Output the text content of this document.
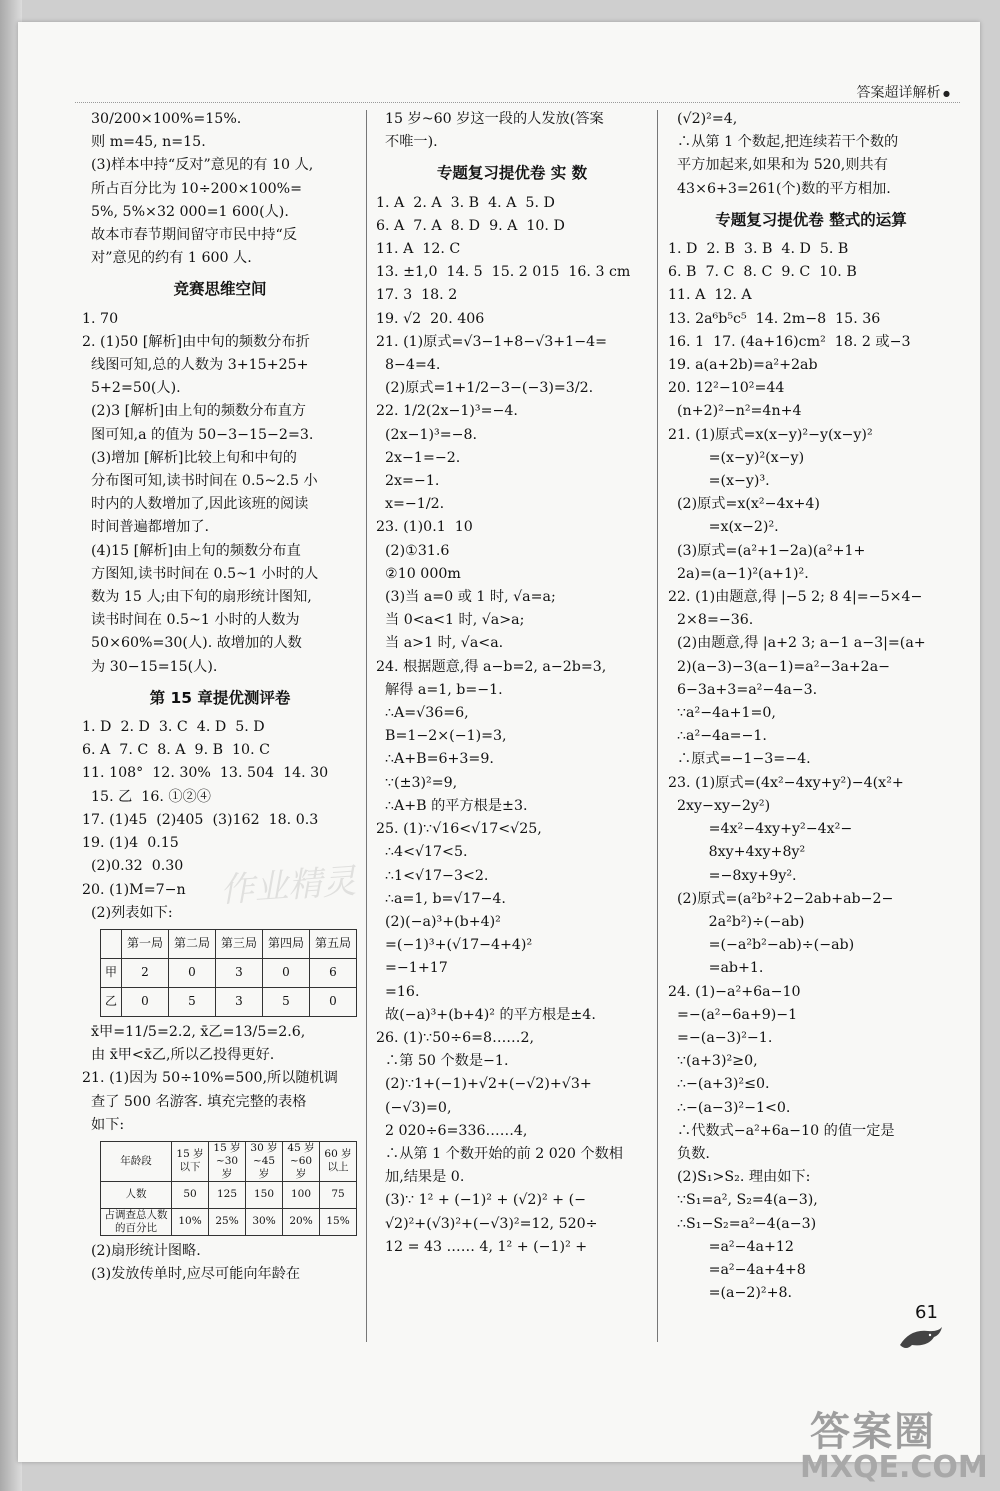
答案超详解析 ●
30/200×100%=15%.
则 m=45, n=15.
(3)样本中持“反对”意见的有 10 人,
所占百分比为 10÷200×100%=
5%, 5%×32 000=1 600(人).
故本市春节期间留守市民中持“反
对”意见的约有 1 600 人.
竞赛思维空间
1. 70
2. (1)50 [解析]由中旬的频数分布折
线图可知,总的人数为 3+15+25+
5+2=50(人).
(2)3 [解析]由上旬的频数分布直方
图可知,a 的值为 50−3−15−2=3.
(3)增加 [解析]比较上旬和中旬的
分布图可知,读书时间在 0.5~2.5 小
时内的人数增加了,因此该班的阅读
时间普遍都增加了.
(4)15 [解析]由上旬的频数分布直
方图知,读书时间在 0.5~1 小时的人
数为 15 人;由下旬的扇形统计图知,
读书时间在 0.5~1 小时的人数为
50×60%=30(人). 故增加的人数
为 30−15=15(人).
第 15 章提优测评卷
1. D  2. D  3. C  4. D  5. D
6. A  7. C  8. A  9. B  10. C
11. 108°  12. 30%  13. 504  14. 30
15. 乙  16. ①②④
17. (1)45  (2)405  (3)162  18. 0.3
19. (1)4  0.15
(2)0.32  0.30
20. (1)M=7−n
(2)列表如下:
	第一局	第二局	第三局	第四局	第五局
甲	2	0	3	0	6
乙	0	5	3	5	0
x̄甲=11/5=2.2, x̄乙=13/5=2.6,
由 x̄甲<x̄乙,所以乙投得更好.
21. (1)因为 50÷10%=500,所以随机调
查了 500 名游客. 填充完整的表格
如下:
年龄段	15 岁以下	15 岁~30 岁	30 岁~45 岁	45 岁~60 岁	60 岁以上
人数	50	125	150	100	75
占调查总人数的百分比	10%	25%	30%	20%	15%
(2)扇形统计图略.
(3)发放传单时,应尽可能向年龄在
15 岁~60 岁这一段的人发放(答案
不唯一).
专题复习提优卷 实 数
1. A  2. A  3. B  4. A  5. D
6. A  7. A  8. D  9. A  10. D
11. A  12. C
13. ±1,0  14. 5  15. 2 015  16. 3 cm
17. 3  18. 2
19. √2  20. 406
21. (1)原式=√3−1+8−√3+1−4=
8−4=4.
(2)原式=1+1/2−3−(−3)=3/2.
22. 1/2(2x−1)³=−4.
(2x−1)³=−8.
2x−1=−2.
2x=−1.
x=−1/2.
23. (1)0.1  10
(2)①31.6
②10 000m
(3)当 a=0 或 1 时, √a=a;
当 0<a<1 时, √a>a;
当 a>1 时, √a<a.
24. 根据题意,得 a−b=2, a−2b=3,
解得 a=1, b=−1.
∴A=√36=6,
B=1−2×(−1)=3,
∴A+B=6+3=9.
∵(±3)²=9,
∴A+B 的平方根是±3.
25. (1)∵√16<√17<√25,
∴4<√17<5.
∴1<√17−3<2.
∴a=1, b=√17−4.
(2)(−a)³+(b+4)²
=(−1)³+(√17−4+4)²
=−1+17
=16.
故(−a)³+(b+4)² 的平方根是±4.
26. (1)∵50÷6=8……2,
∴第 50 个数是−1.
(2)∵1+(−1)+√2+(−√2)+√3+
(−√3)=0,
2 020÷6=336……4,
∴从第 1 个数开始的前 2 020 个数相
加,结果是 0.
(3)∵ 1² + (−1)² + (√2)² + (−
√2)²+(√3)²+(−√3)²=12, 520÷
12 = 43 …… 4, 1² + (−1)² +
(√2)²=4,
∴从第 1 个数起,把连续若干个数的
平方加起来,如果和为 520,则共有
43×6+3=261(个)数的平方相加.
专题复习提优卷 整式的运算
1. D  2. B  3. B  4. D  5. B
6. B  7. C  8. C  9. C  10. B
11. A  12. A
13. 2a⁶b⁵c⁵  14. 2m−8  15. 36
16. 1  17. (4a+16)cm²  18. 2 或−3
19. a(a+2b)=a²+2ab
20. 12²−10²=44
(n+2)²−n²=4n+4
21. (1)原式=x(x−y)²−y(x−y)²
=(x−y)²(x−y)
=(x−y)³.
(2)原式=x(x²−4x+4)
=x(x−2)².
(3)原式=(a²+1−2a)(a²+1+
2a)=(a−1)²(a+1)².
22. (1)由题意,得 |−5 2; 8 4|=−5×4−
2×8=−36.
(2)由题意,得 |a+2 3; a−1 a−3|=(a+
2)(a−3)−3(a−1)=a²−3a+2a−
6−3a+3=a²−4a−3.
∵a²−4a+1=0,
∴a²−4a=−1.
∴原式=−1−3=−4.
23. (1)原式=(4x²−4xy+y²)−4(x²+
2xy−xy−2y²)
=4x²−4xy+y²−4x²−
8xy+4xy+8y²
=−8xy+9y².
(2)原式=(a²b²+2−2ab+ab−2−
2a²b²)÷(−ab)
=(−a²b²−ab)÷(−ab)
=ab+1.
24. (1)−a²+6a−10
=−(a²−6a+9)−1
=−(a−3)²−1.
∵(a+3)²≥0,
∴−(a+3)²≤0.
∴−(a−3)²−1<0.
∴代数式−a²+6a−10 的值一定是
负数.
(2)S₁>S₂. 理由如下:
∵S₁=a², S₂=4(a−3),
∴S₁−S₂=a²−4(a−3)
=a²−4a+12
=a²−4a+4+8
=(a−2)²+8.
作业精灵
61
答案圈
MXQE.COM
